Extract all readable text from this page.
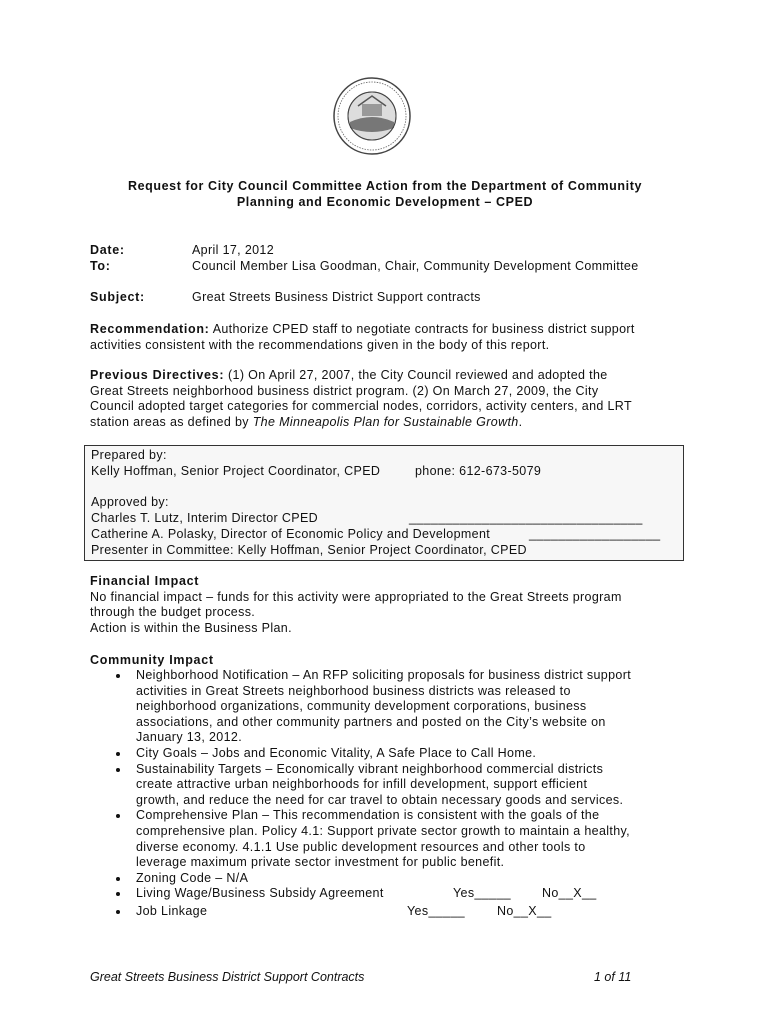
Request for City Council Committee Action from the Department of Community
Planning and Economic Development – CPED
Date:	April 17, 2012
To:	Council Member Lisa Goodman, Chair, Community Development Committee
Subject:	Great Streets Business District Support contracts
Recommendation: Authorize CPED staff to negotiate contracts for business district support
activities consistent with the recommendations given in the body of this report.
Previous Directives: (1) On April 27, 2007, the City Council reviewed and adopted the
Great Streets neighborhood business district program. (2) On March 27, 2009, the City
Council adopted target categories for commercial nodes, corridors, activity centers, and LRT
station areas as defined by The Minneapolis Plan for Sustainable Growth.
Prepared by:
Kelly Hoffman, Senior Project Coordinator, CPED	phone: 612-673-5079
Approved by:
Charles T. Lutz, Interim Director CPED	________________________________
Catherine A. Polasky, Director of Economic Policy and Development	__________________
Presenter in Committee: Kelly Hoffman, Senior Project Coordinator, CPED
Financial Impact
No financial impact – funds for this activity were appropriated to the Great Streets program
through the budget process.
Action is within the Business Plan.
Community Impact
Neighborhood Notification – An RFP soliciting proposals for business district support
activities in Great Streets neighborhood business districts was released to
neighborhood organizations, community development corporations, business
associations, and other community partners and posted on the City’s website on
January 13, 2012.
City Goals – Jobs and Economic Vitality, A Safe Place to Call Home.
Sustainability Targets – Economically vibrant neighborhood commercial districts
create attractive urban neighborhoods for infill development, support efficient
growth, and reduce the need for car travel to obtain necessary goods and services.
Comprehensive Plan – This recommendation is consistent with the goals of the
comprehensive plan. Policy 4.1: Support private sector growth to maintain a healthy,
diverse economy. 4.1.1 Use public development resources and other tools to
leverage maximum private sector investment for public benefit.
Zoning Code – N/A
Living Wage/Business Subsidy Agreement	Yes_____ No__X__
Job Linkage	Yes_____	No__X__
Great Streets Business District Support Contracts	1 of 11
